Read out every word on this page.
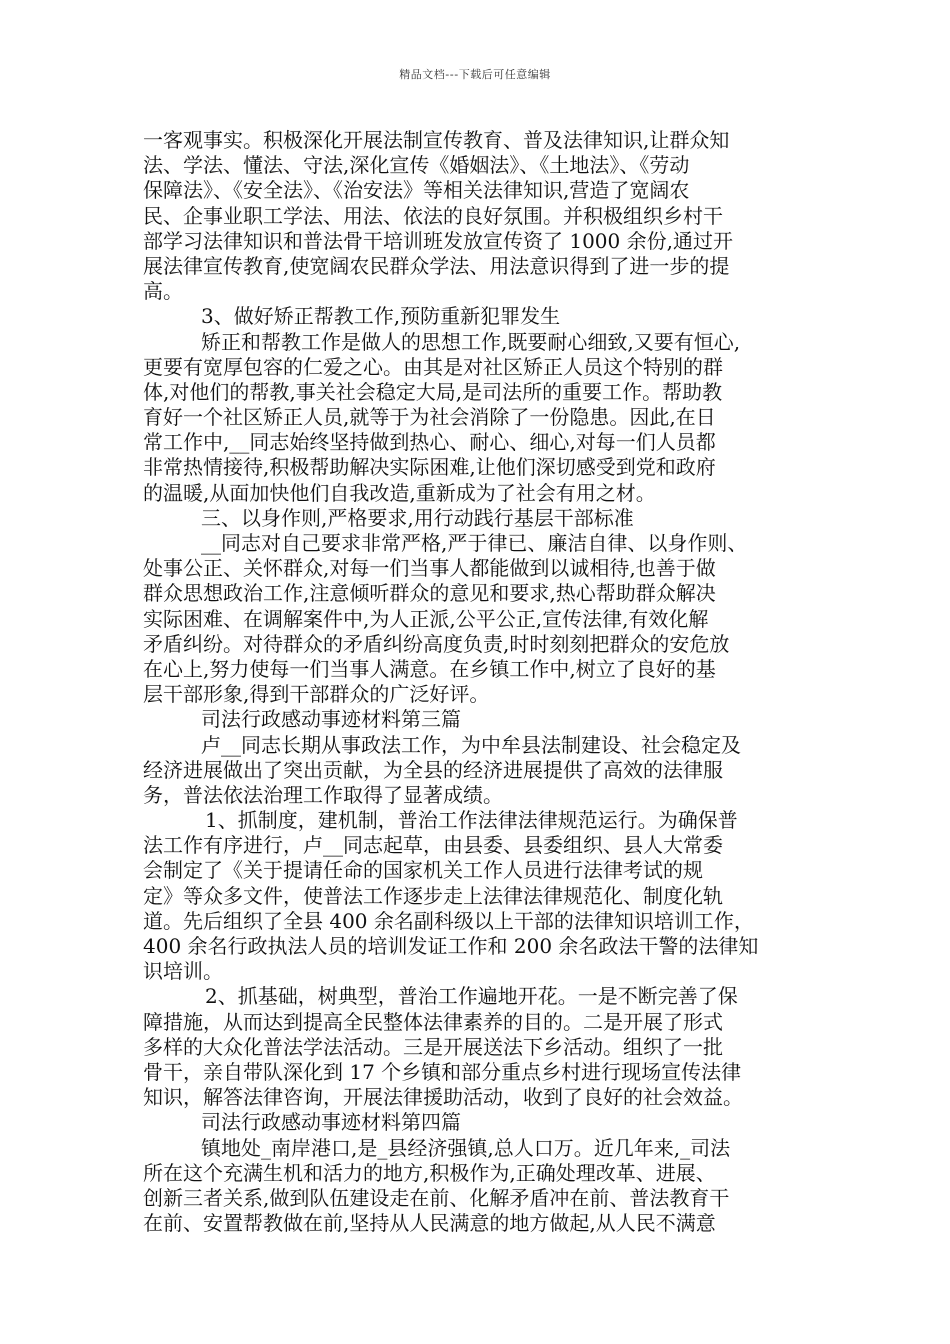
精品文档---下载后可任意编辑
一客观事实。积极深化开展法制宣传教育、普及法律知识,让群众知
法、学法、懂法、守法,深化宣传《婚姻法》、《土地法》、《劳动
保障法》、《安全法》、《治安法》等相关法律知识,营造了宽阔农
民、企事业职工学法、用法、依法的良好氛围。并积极组织乡村干
部学习法律知识和普法骨干培训班发放宣传资了 1000 余份,通过开
展法律宣传教育,使宽阔农民群众学法、用法意识得到了进一步的提
高。
3、做好矫正帮教工作,预防重新犯罪发生
矫正和帮教工作是做人的思想工作,既要耐心细致,又要有恒心,
更要有宽厚包容的仁爱之心。由其是对社区矫正人员这个特别的群
体,对他们的帮教,事关社会稳定大局,是司法所的重要工作。帮助教
育好一个社区矫正人员,就等于为社会消除了一份隐患。因此,在日
常工作中,__同志始终坚持做到热心、耐心、细心,对每一们人员都
非常热情接待,积极帮助解决实际困难,让他们深切感受到党和政府
的温暖,从面加快他们自我改造,重新成为了社会有用之材。
三、以身作则,严格要求,用行动践行基层干部标准
__同志对自己要求非常严格,严于律已、廉洁自律、以身作则、
处事公正、关怀群众,对每一们当事人都能做到以诚相待,也善于做
群众思想政治工作,注意倾听群众的意见和要求,热心帮助群众解决
实际困难、在调解案件中,为人正派,公平公正,宣传法律,有效化解
矛盾纠纷。对待群众的矛盾纠纷高度负责,时时刻刻把群众的安危放
在心上,努力使每一们当事人满意。在乡镇工作中,树立了良好的基
层干部形象,得到干部群众的广泛好评。
司法行政感动事迹材料第三篇
卢__同志长期从事政法工作，为中牟县法制建设、社会稳定及
经济进展做出了突出贡献，为全县的经济进展提供了高效的法律服
务，普法依法治理工作取得了显著成绩。
1、抓制度，建机制，普治工作法律法律规范运行。为确保普
法工作有序进行，卢__同志起草，由县委、县委组织、县人大常委
会制定了《关于提请任命的国家机关工作人员进行法律考试的规
定》等众多文件，使普法工作逐步走上法律法律规范化、制度化轨
道。先后组织了全县 400 余名副科级以上干部的法律知识培训工作，
400 余名行政执法人员的培训发证工作和 200 余名政法干警的法律知
识培训。
2、抓基础，树典型，普治工作遍地开花。一是不断完善了保
障措施，从而达到提高全民整体法律素养的目的。二是开展了形式
多样的大众化普法学法活动。三是开展送法下乡活动。组织了一批
骨干，亲自带队深化到 17 个乡镇和部分重点乡村进行现场宣传法律
知识，解答法律咨询，开展法律援助活动，收到了良好的社会效益。
司法行政感动事迹材料第四篇
镇地处_南岸港口,是_县经济强镇,总人口万。近几年来,_司法
所在这个充满生机和活力的地方,积极作为,正确处理改革、进展、
创新三者关系,做到队伍建设走在前、化解矛盾冲在前、普法教育干
在前、安置帮教做在前,坚持从人民满意的地方做起,从人民不满意
